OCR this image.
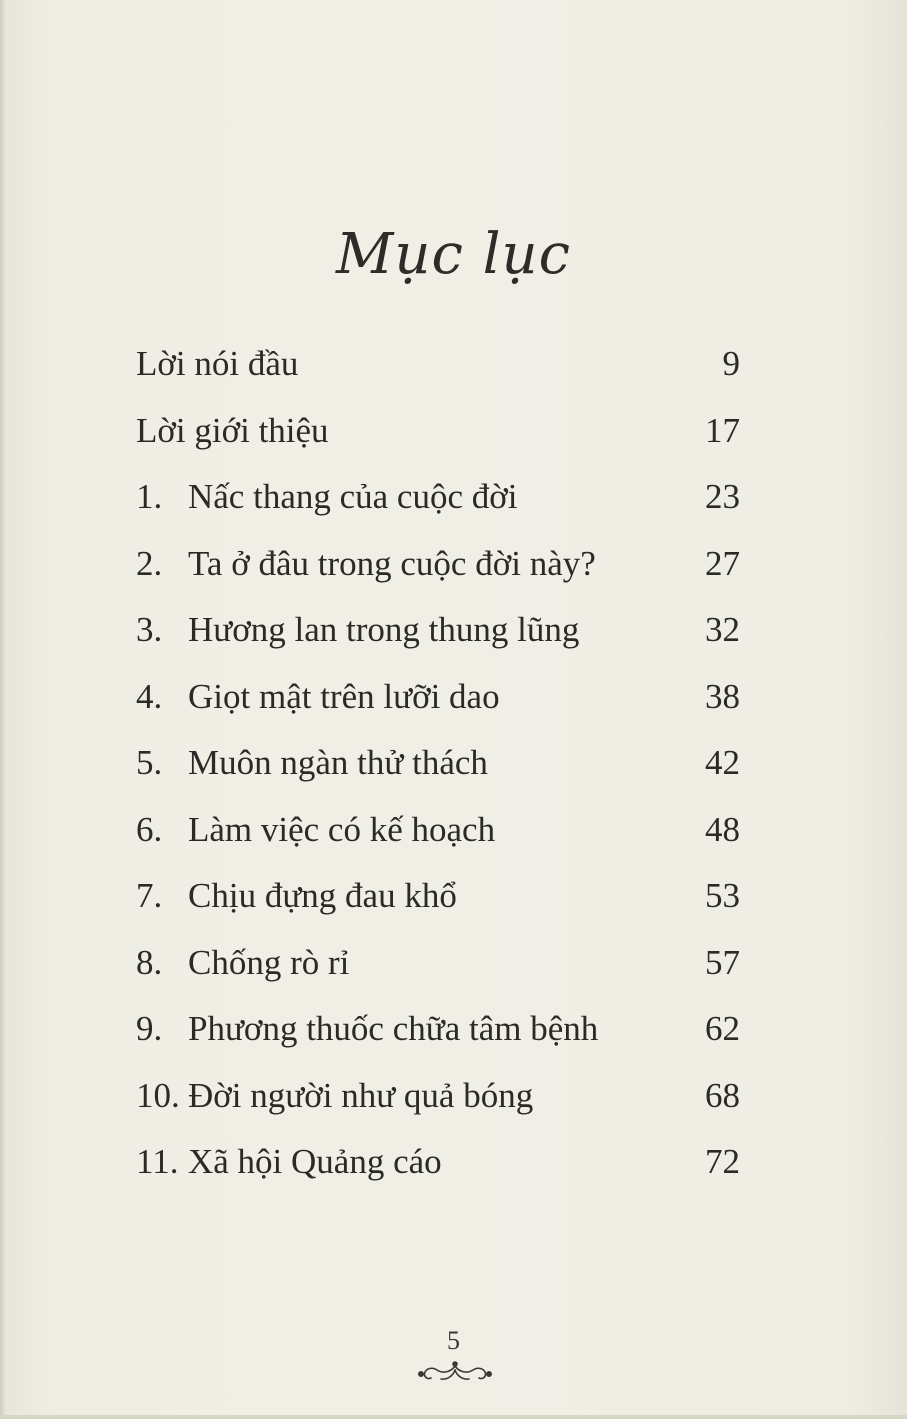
Mục lục
Lời nói đầu	9
Lời giới thiệu	17
1. Nấc thang của cuộc đời	23
2. Ta ở đâu trong cuộc đời này?	27
3. Hương lan trong thung lũng	32
4. Giọt mật trên lưỡi dao	38
5. Muôn ngàn thử thách	42
6. Làm việc có kế hoạch	48
7. Chịu đựng đau khổ	53
8. Chống rò rỉ	57
9. Phương thuốc chữa tâm bệnh	62
10. Đời người như quả bóng	68
11. Xã hội Quảng cáo	72
5
